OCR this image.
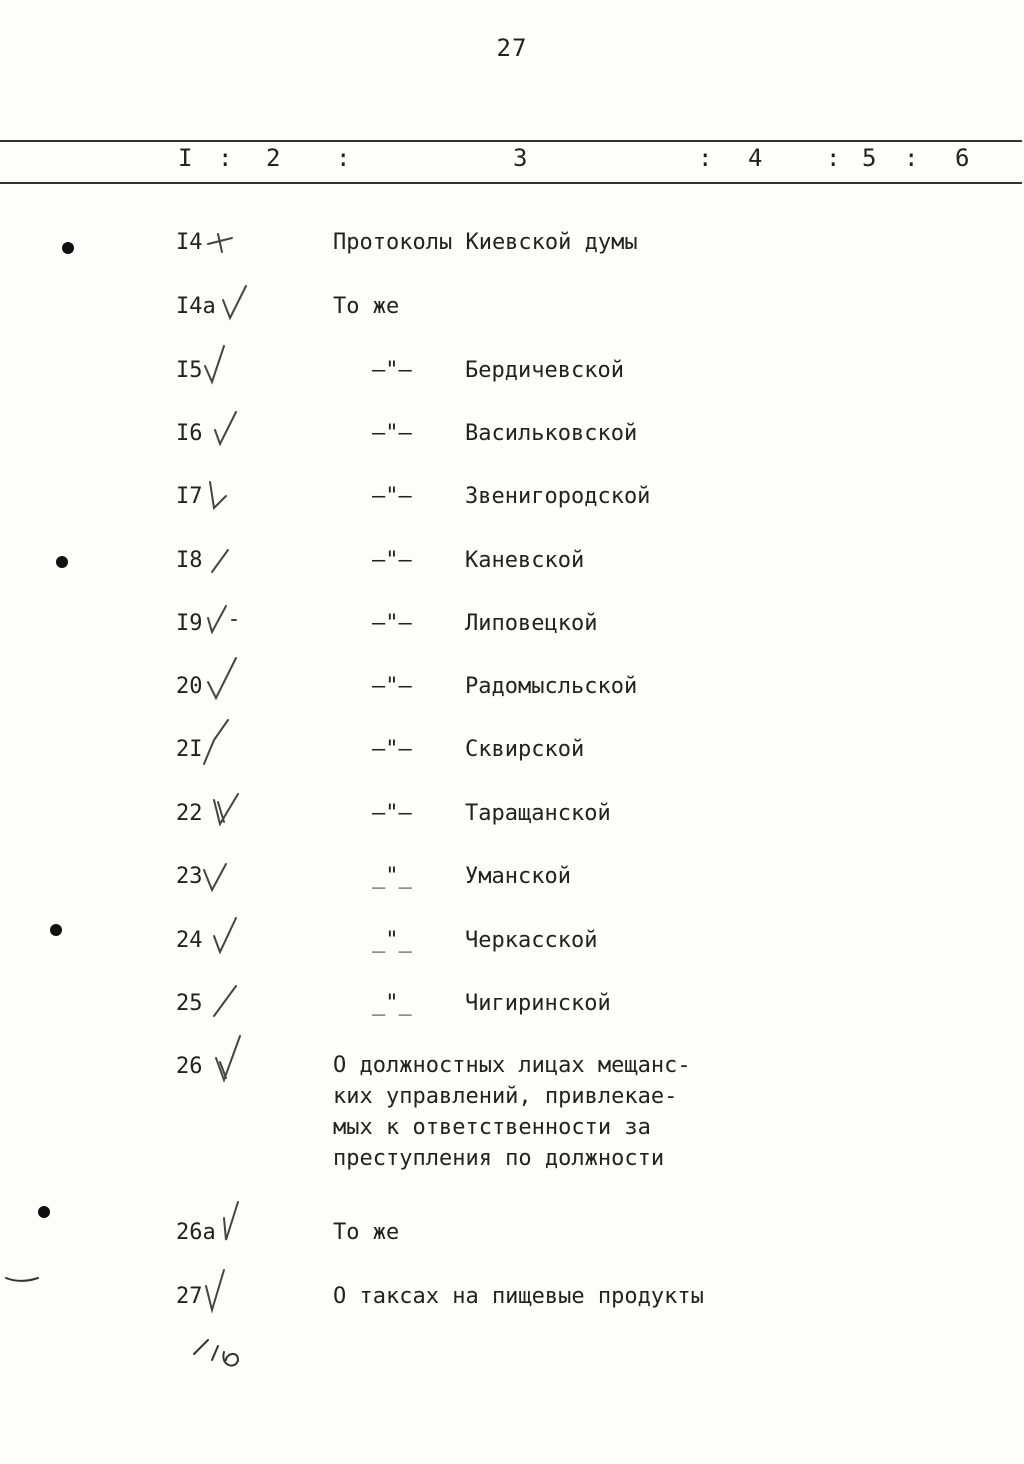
27
I : 2 :	3	: 4	: 5 : 6
I4	Протоколы Киевской думы
I4а	То же
I5	–"– Бердичевской
I6	–"– Васильковской
I7	–"– Звенигородской
I8	–"– Каневской
I9	–"– Липовецкой
20	–"– Радомысльской
2I	–"– Сквирской
22	–"– Таращанской
23	_"_ Уманской
24	_"_ Черкасской
25	_"_ Чигиринской
26	О должностных лицах мещанс-
ких управлений, привлекае-
мых к ответственности за
преступления по должности
26а	То же
27	О таксах на пищевые продукты
